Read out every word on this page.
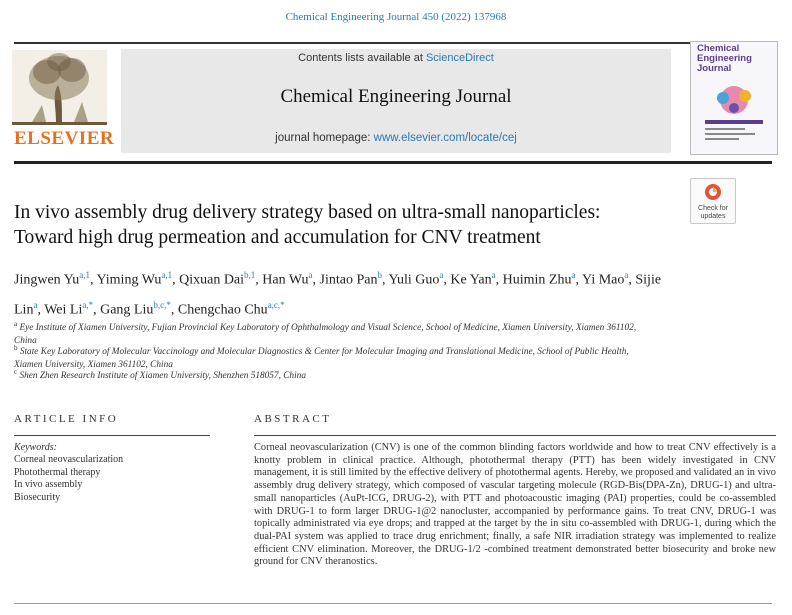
Chemical Engineering Journal 450 (2022) 137968
ELSEVIER
Contents lists available at ScienceDirect
Chemical Engineering Journal
journal homepage: www.elsevier.com/locate/cej
Chemical
Engineering
Journal
Check for
updates
In vivo assembly drug delivery strategy based on ultra-small nanoparticles:
Toward high drug permeation and accumulation for CNV treatment
Jingwen Yu$^{a,1}$, Yiming Wu$^{a,1}$, Qixuan Dai$^{b,1}$, Han Wu$^a$, Jintao Pan$^b$, Yuli Guo$^a$, Ke Yan$^a$, Huimin Zhu$^a$, Yi Mao$^a$, Sijie Lin$^a$, Wei $Li^{a,*}$, Gang Liu$^{b,c,*}$, Chengchao Chu$^{a,c,*}$
$^a$ Eye Institute of Xiamen University, Fujian Provincial Key Laboratory of Ophthalmology and Visual Science, School of Medicine, Xiamen University, Xiamen 361102,
China
$^b$ State Key Laboratory of Molecular Vaccinology and Molecular Diagnostics & Center for Molecular Imaging and Translational Medicine, School of Public Health,
Xiamen University, Xiamen 361102, China
$^c$ Shen Zhen Research Institute of Xiamen University, Shenzhen 518057, China
ARTICLE INFO	ABSTRACT
Keywords:
Corneal neovascularization
Photothermal therapy
In vivo assembly
Biosecurity
Corneal neovascularization (CNV) is one of the common blinding factors worldwide and how to treat CNV effectively is a knotty problem in clinical practice. Although, photothermal therapy (PTT) has been widely investigated in CNV management, it is still limited by the effective delivery of photothermal agents. Hereby, we proposed and validated an in vivo assembly drug delivery strategy, which composed of vascular targeting molecule (RGD-Bis(DPA-Zn), DRUG-1) and ultra-small nanoparticles (AuPt-ICG, DRUG-2), with PTT and photoacoustic imaging (PAI) properties, could be co-assembled with DRUG-1 to form larger DRUG-1@2 nanocluster, accompanied by performance gains. To treat CNV, DRUG-1 was topically administrated via eye drops; and trapped at the target by the in situ co-assembled with DRUG-1, during which the dual-PAI system was applied to trace drug enrichment; finally, a safe NIR irradiation strategy was implemented to realize efficient CNV elimination. Moreover, the DRUG-1/2 -combined treatment demonstrated better biosecurity and broke new ground for CNV theranostics.
